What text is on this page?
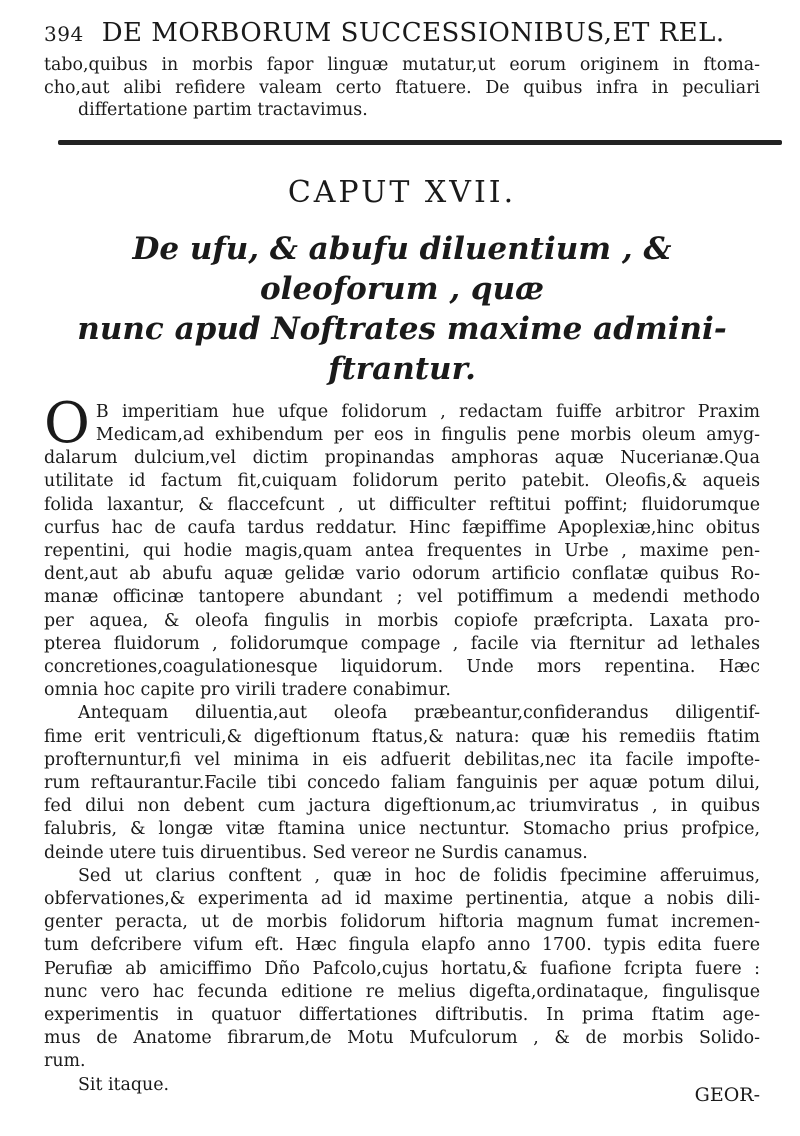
394 DE MORBORUM SUCCESSIONIBUS,ET REL.
tabo,quibus in morbis fapor linguæ mutatur,ut eorum originem in ftoma-
cho,aut alibi refidere valeam certo ftatuere. De quibus infra in peculiari
differtatione partim tractavimus.
CAPUT XVII.
De ufu, & abufu diluentium , & oleoforum , quæ
nunc apud Noftrates maxime admini-
ftrantur.
O B imperitiam hue ufque folidorum , redactam fuiffe arbitror Praxim
Medicam,ad exhibendum per eos in fingulis pene morbis oleum amyg-
dalarum dulcium,vel dictim propinandas amphoras aquæ Nucerianæ.Qua
utilitate id factum fit,cuiquam folidorum perito patebit. Oleofis,& aqueis
folida laxantur, & flaccefcunt , ut difficulter reftitui poffint; fluidorumque
curfus hac de caufa tardus reddatur. Hinc fæpiffime Apoplexiæ,hinc obitus
repentini, qui hodie magis,quam antea frequentes in Urbe , maxime pen-
dent,aut ab abufu aquæ gelidæ vario odorum artificio conflatæ quibus Ro-
manæ officinæ tantopere abundant ; vel potiffimum a medendi methodo
per aqueа, & oleofa fingulis in morbis copiofe præfcripta. Laxata pro-
pterea fluidorum , folidorumque compage , facile via fternitur ad lethales
concretiones,coagulationesque liquidorum. Unde mors repentina. Hæc
omnia hoc capite pro virili tradere conabimur.
Antequam diluentia,aut oleofa præbeantur,confiderandus diligentif-
fime erit ventriculi,& digeftionum ftatus,& natura: quæ his remediis ftatim
profternuntur,fi vel minima in eis adfuerit debilitas,nec ita facile impofte-
rum reftaurantur.Facile tibi concedo faliam fanguinis per aquæ potum dilui,
fed dilui non debent cum jactura digeftionum,ac triumviratus , in quibus
falubris, & longæ vitæ ftamina unice nectuntur. Stomacho prius profpice,
deinde utere tuis diruentibus. Sed vereor ne Surdis canamus.
Sed ut clarius conftent , quæ in hoc de folidis fpecimine afferuimus,
obfervationes,& experimenta ad id maxime pertinentia, atque a nobis dili-
genter peracta, ut de morbis folidorum hiftoria magnum fumat incremen-
tum defcribere vifum eft. Hæc fingula elapfo anno 1700. typis edita fuere
Perufiæ ab amiciffimo Dño Pafcolo,cujus hortatu,& fuafione fcripta fuere :
nunc vero hac fecunda editione re melius digefta,ordinataque, fingulisque
experimentis in quatuor differtationes diftributis. In prima ftatim age-
mus de Anatome fibrarum,de Motu Mufculorum , & de morbis Solido-
rum.
Sit itaque.	GEOR-
